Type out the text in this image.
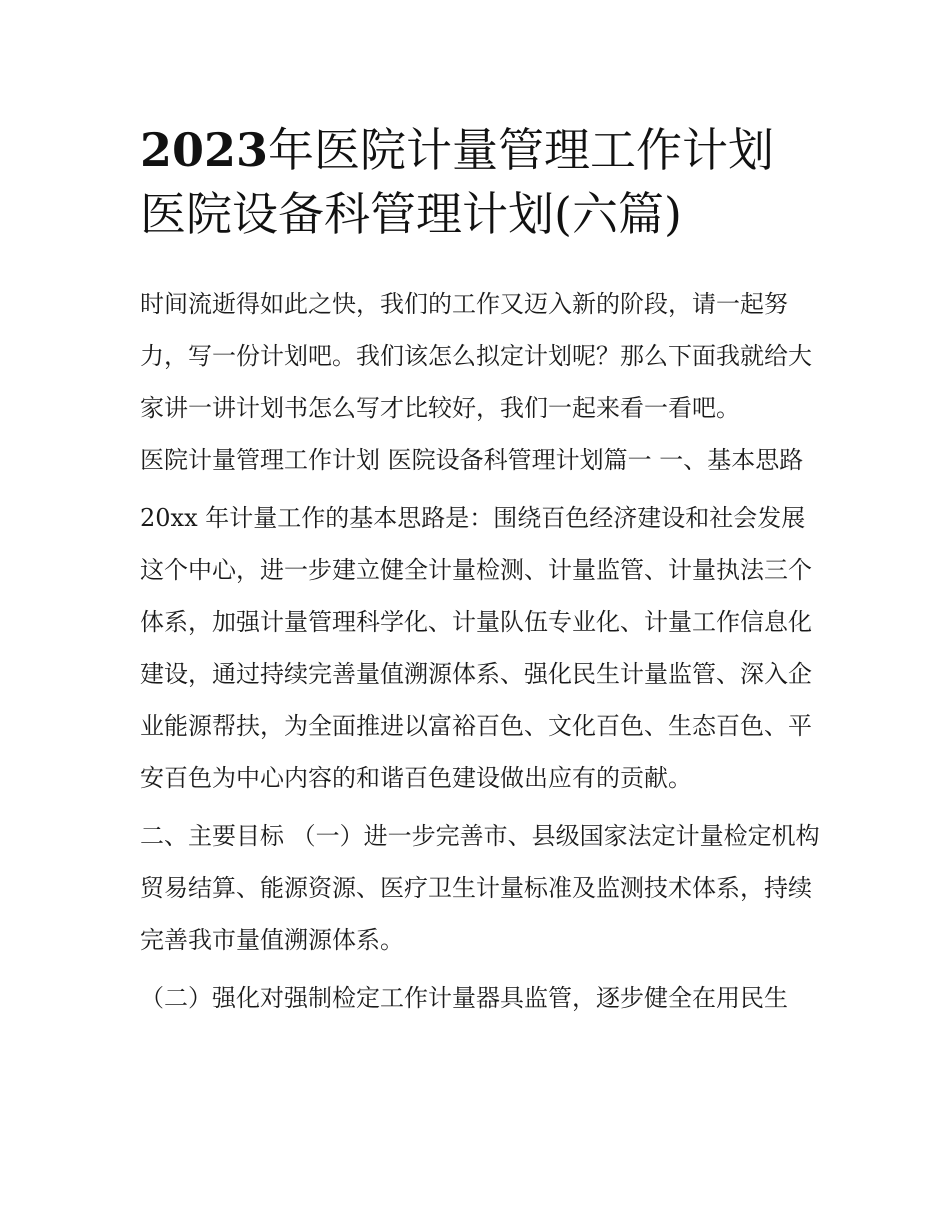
2023年医院计量管理工作计划
医院设备科管理计划(六篇)

时间流逝得如此之快，我们的工作又迈入新的阶段，请一起努力，写一份计划吧。我们该怎么拟定计划呢？那么下面我就给大家讲一讲计划书怎么写才比较好，我们一起来看一看吧。

医院计量管理工作计划 医院设备科管理计划篇一 一、基本思路

20xx 年计量工作的基本思路是：围绕百色经济建设和社会发展这个中心，进一步建立健全计量检测、计量监管、计量执法三个体系，加强计量管理科学化、计量队伍专业化、计量工作信息化建设，通过持续完善量值溯源体系、强化民生计量监管、深入企业能源帮扶，为全面推进以富裕百色、文化百色、生态百色、平安百色为中心内容的和谐百色建设做出应有的贡献。

二、主要目标 （一）进一步完善市、县级国家法定计量检定机构贸易结算、能源资源、医疗卫生计量标准及监测技术体系，持续完善我市量值溯源体系。

（二）强化对强制检定工作计量器具监管，逐步健全在用民生
